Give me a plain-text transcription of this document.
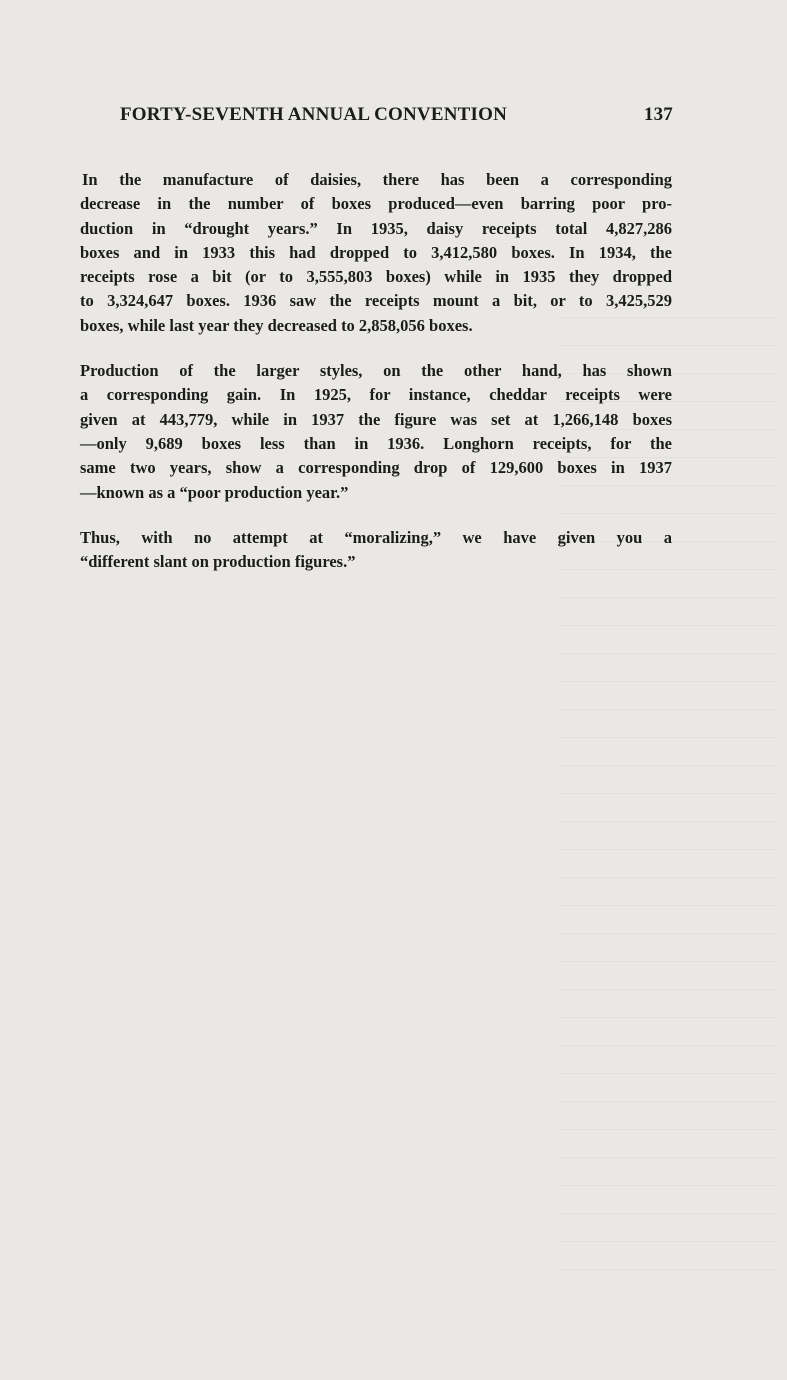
FORTY-SEVENTH ANNUAL CONVENTION	137

In the manufacture of daisies, there has been a corresponding
decrease in the number of boxes produced—even barring poor pro-
duction in “drought years.” In 1935, daisy receipts total 4,827,286
boxes and in 1933 this had dropped to 3,412,580 boxes. In 1934, the
receipts rose a bit (or to 3,555,803 boxes) while in 1935 they dropped
to 3,324,647 boxes. 1936 saw the receipts mount a bit, or to 3,425,529
boxes, while last year they decreased to 2,858,056 boxes.

Production of the larger styles, on the other hand, has shown
a corresponding gain. In 1925, for instance, cheddar receipts were
given at 443,779, while in 1937 the figure was set at 1,266,148 boxes
—only 9,689 boxes less than in 1936. Longhorn receipts, for the
same two years, show a corresponding drop of 129,600 boxes in 1937
—known as a “poor production year.”

Thus, with no attempt at “moralizing,” we have given you a
“different slant on production figures.”
